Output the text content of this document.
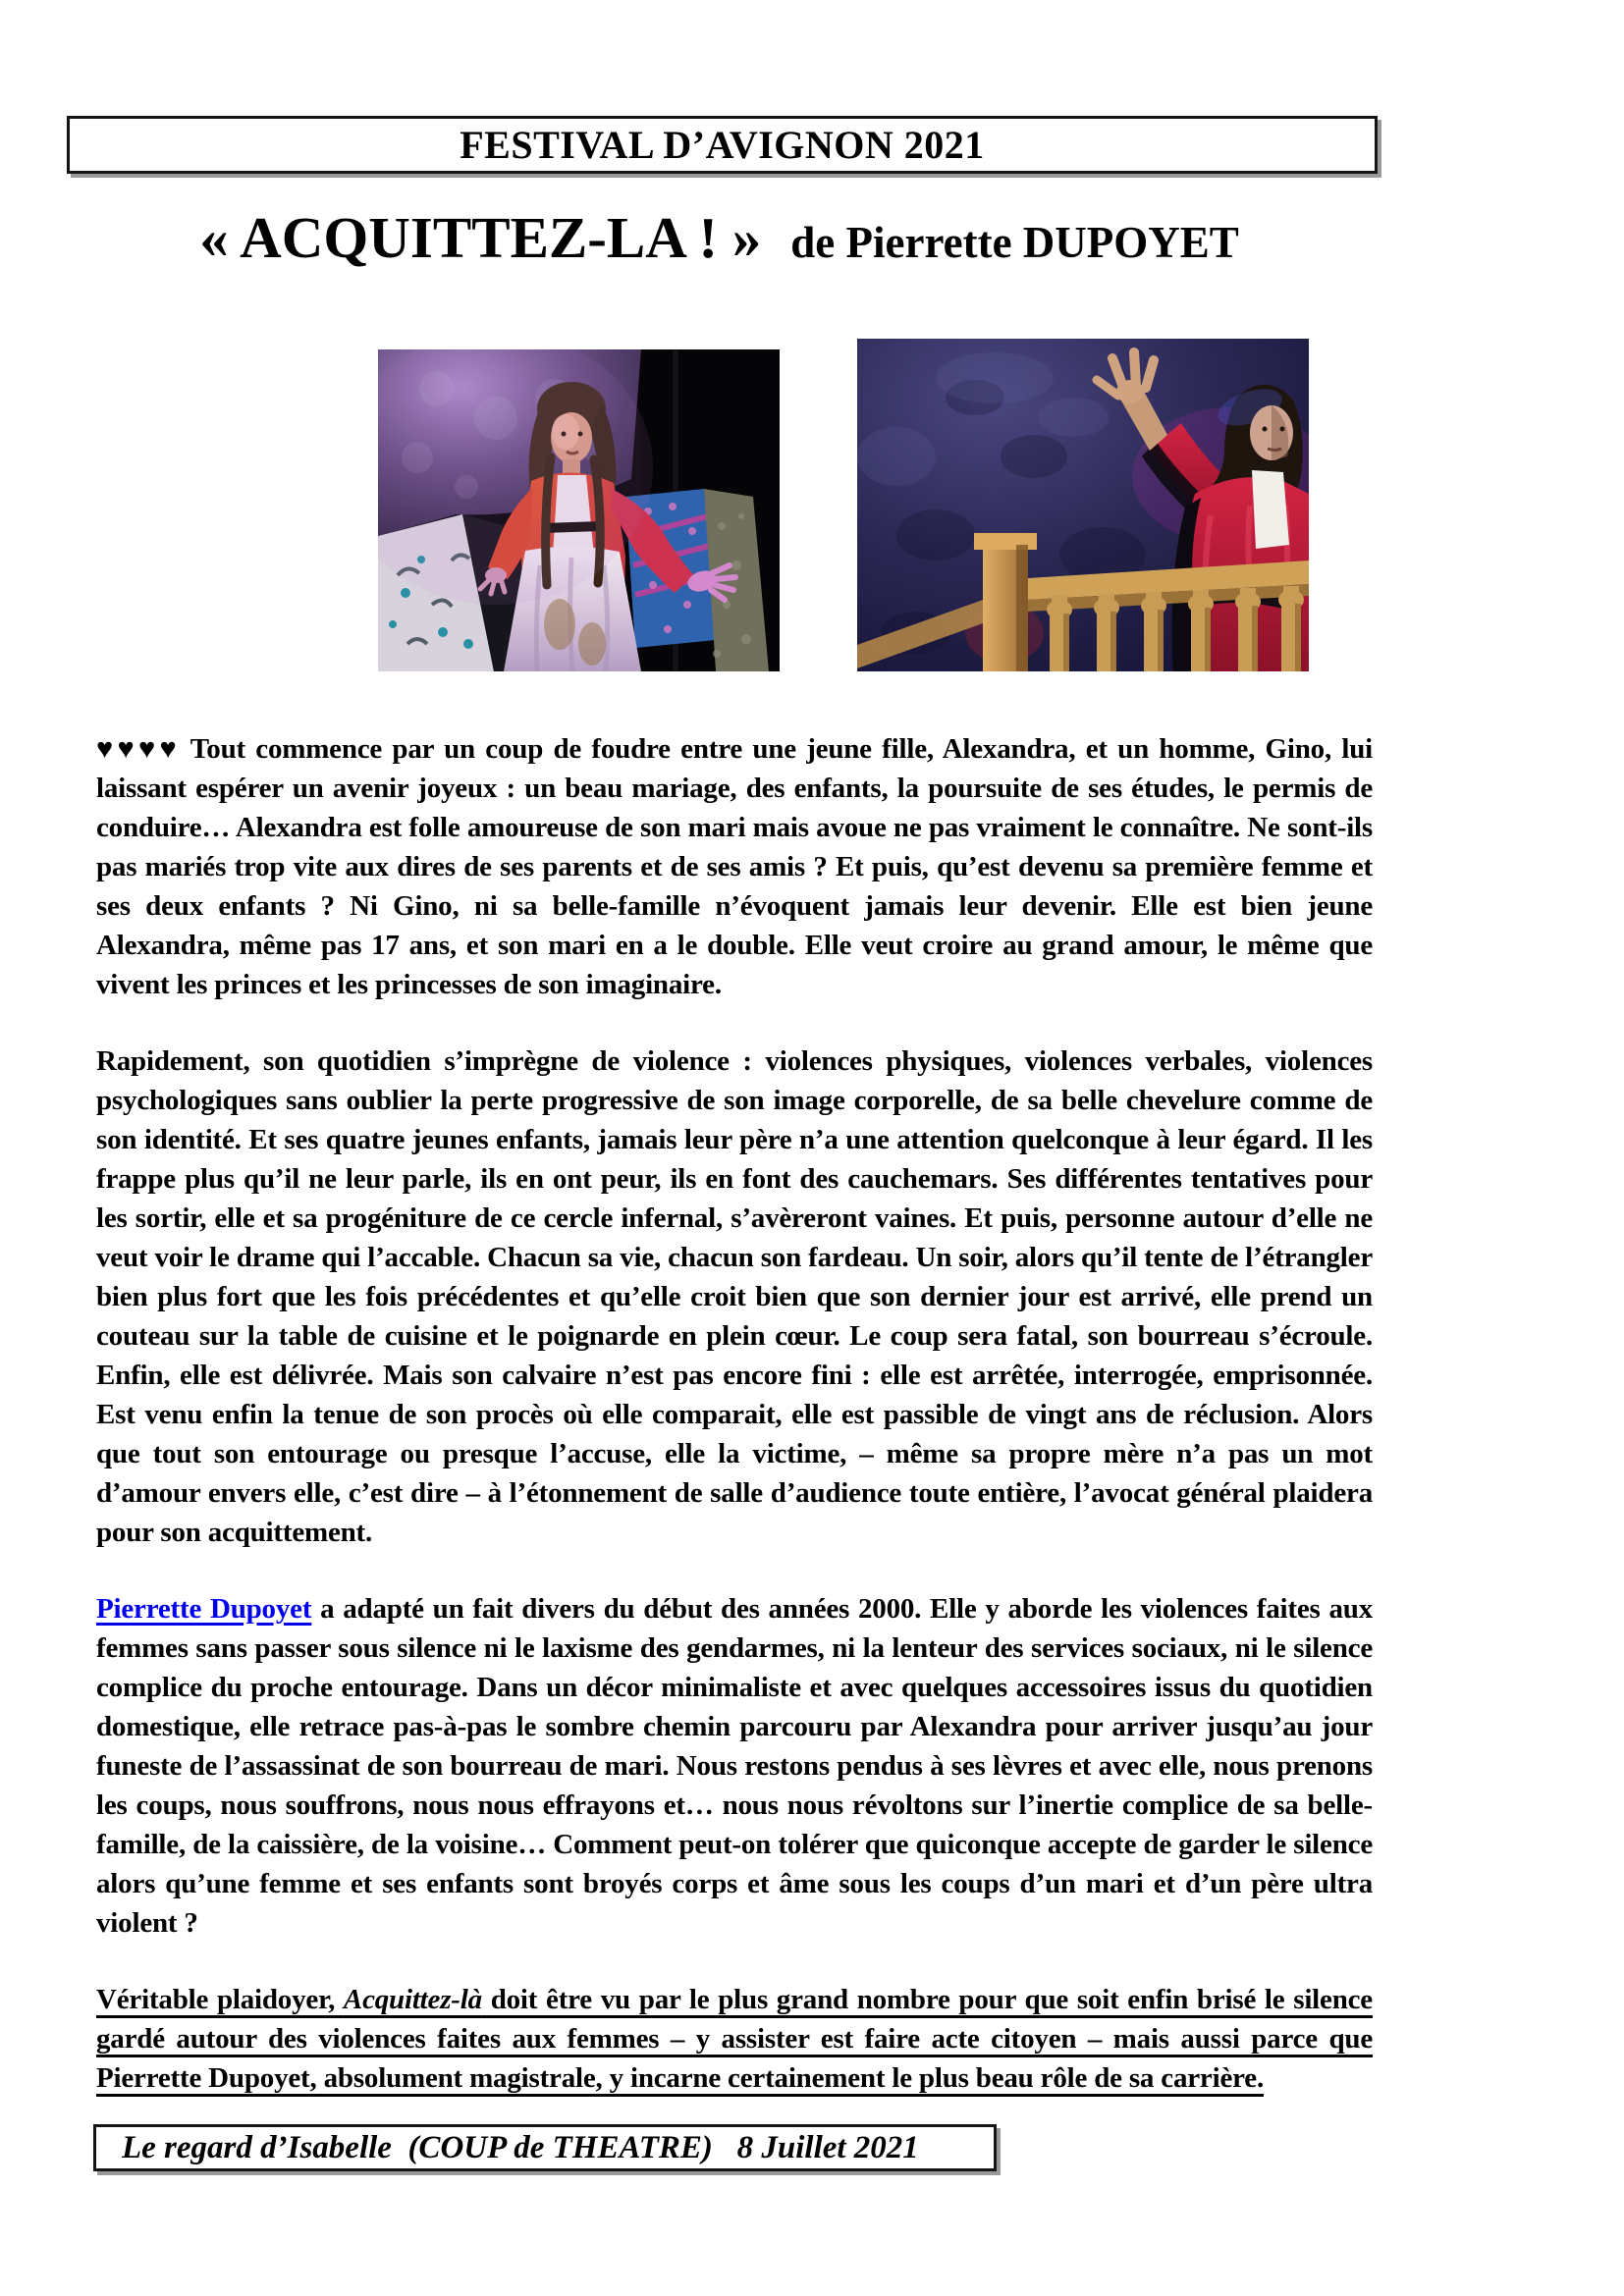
FESTIVAL D’AVIGNON 2021
« ACQUITTEZ-LA ! » de Pierrette DUPOYET

♥♥♥♥ Tout commence par un coup de foudre entre une jeune fille, Alexandra, et un homme, Gino, lui laissant espérer un avenir joyeux : un beau mariage, des enfants, la poursuite de ses études, le permis de conduire… Alexandra est folle amoureuse de son mari mais avoue ne pas vraiment le connaître. Ne sont-ils pas mariés trop vite aux dires de ses parents et de ses amis ? Et puis, qu’est devenu sa première femme et ses deux enfants ? Ni Gino, ni sa belle-famille n’évoquent jamais leur devenir. Elle est bien jeune Alexandra, même pas 17 ans, et son mari en a le double. Elle veut croire au grand amour, le même que vivent les princes et les princesses de son imaginaire.

Rapidement, son quotidien s’imprègne de violence : violences physiques, violences verbales, violences psychologiques sans oublier la perte progressive de son image corporelle, de sa belle chevelure comme de son identité. Et ses quatre jeunes enfants, jamais leur père n’a une attention quelconque à leur égard. Il les frappe plus qu’il ne leur parle, ils en ont peur, ils en font des cauchemars. Ses différentes tentatives pour les sortir, elle et sa progéniture de ce cercle infernal, s’avèreront vaines. Et puis, personne autour d’elle ne veut voir le drame qui l’accable. Chacun sa vie, chacun son fardeau. Un soir, alors qu’il tente de l’étrangler bien plus fort que les fois précédentes et qu’elle croit bien que son dernier jour est arrivé, elle prend un couteau sur la table de cuisine et le poignarde en plein cœur. Le coup sera fatal, son bourreau s’écroule. Enfin, elle est délivrée. Mais son calvaire n’est pas encore fini : elle est arrêtée, interrogée, emprisonnée. Est venu enfin la tenue de son procès où elle comparait, elle est passible de vingt ans de réclusion. Alors que tout son entourage ou presque l’accuse, elle la victime, – même sa propre mère n’a pas un mot d’amour envers elle, c’est dire – à l’étonnement de salle d’audience toute entière, l’avocat général plaidera pour son acquittement.

Pierrette Dupoyet a adapté un fait divers du début des années 2000. Elle y aborde les violences faites aux femmes sans passer sous silence ni le laxisme des gendarmes, ni la lenteur des services sociaux, ni le silence complice du proche entourage. Dans un décor minimaliste et avec quelques accessoires issus du quotidien domestique, elle retrace pas-à-pas le sombre chemin parcouru par Alexandra pour arriver jusqu’au jour funeste de l’assassinat de son bourreau de mari. Nous restons pendus à ses lèvres et avec elle, nous prenons les coups, nous souffrons, nous nous effrayons et… nous nous révoltons sur l’inertie complice de sa belle-famille, de la caissière, de la voisine… Comment peut-on tolérer que quiconque accepte de garder le silence alors qu’une femme et ses enfants sont broyés corps et âme sous les coups d’un mari et d’un père ultra violent ?

Véritable plaidoyer, Acquittez-là doit être vu par le plus grand nombre pour que soit enfin brisé le silence gardé autour des violences faites aux femmes – y assister est faire acte citoyen – mais aussi parce que Pierrette Dupoyet, absolument magistrale, y incarne certainement le plus beau rôle de sa carrière.

Le regard d’Isabelle  (COUP de THEATRE)   8 Juillet 2021
